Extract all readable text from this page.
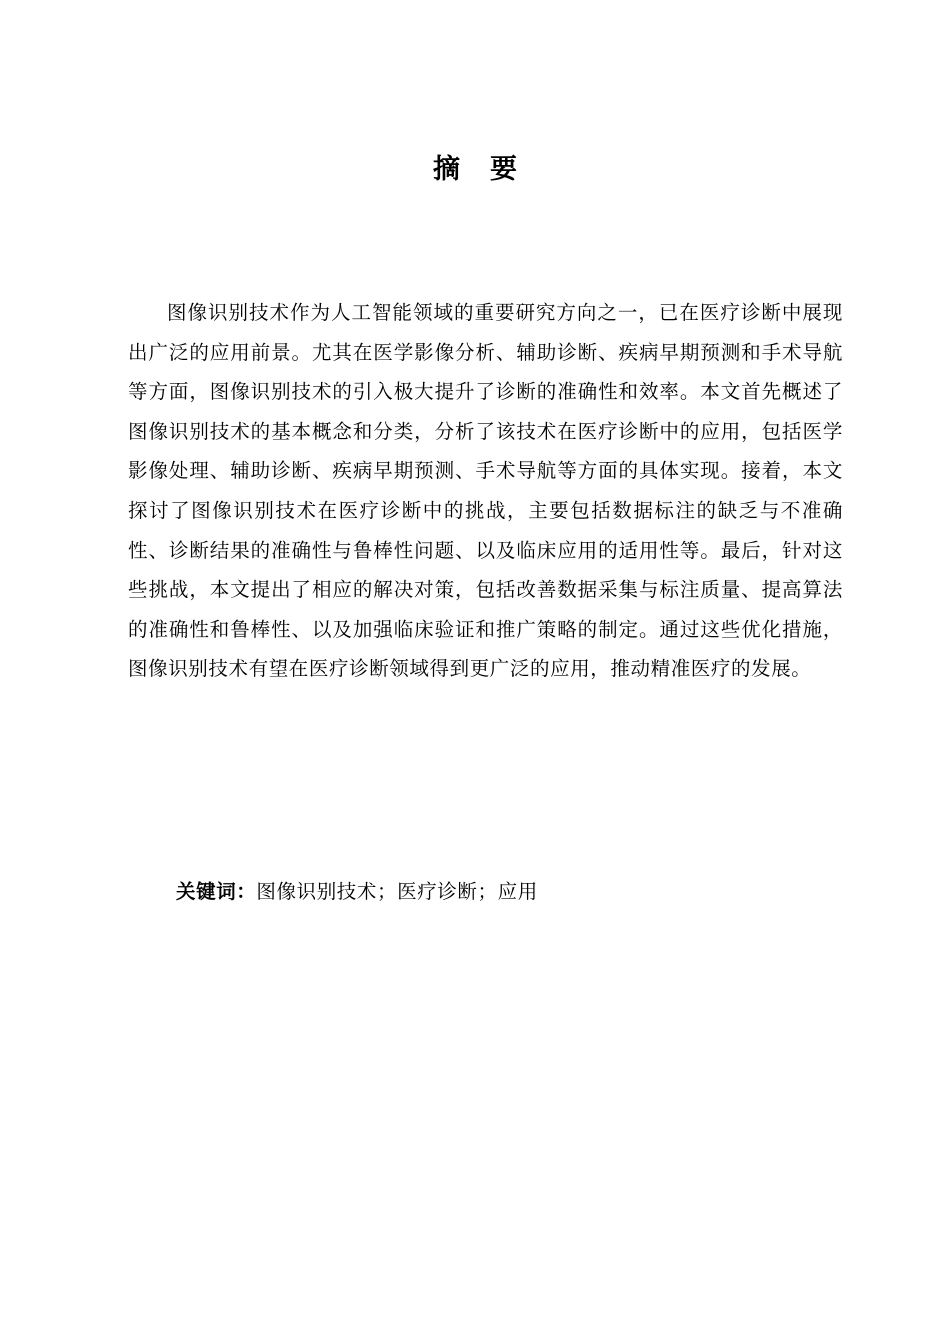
摘 要

图像识别技术作为人工智能领域的重要研究方向之一，已在医疗诊断中展现出广泛的应用前景。尤其在医学影像分析、辅助诊断、疾病早期预测和手术导航等方面，图像识别技术的引入极大提升了诊断的准确性和效率。本文首先概述了图像识别技术的基本概念和分类，分析了该技术在医疗诊断中的应用，包括医学影像处理、辅助诊断、疾病早期预测、手术导航等方面的具体实现。接着，本文探讨了图像识别技术在医疗诊断中的挑战，主要包括数据标注的缺乏与不准确性、诊断结果的准确性与鲁棒性问题、以及临床应用的适用性等。最后，针对这些挑战，本文提出了相应的解决对策，包括改善数据采集与标注质量、提高算法的准确性和鲁棒性、以及加强临床验证和推广策略的制定。通过这些优化措施，图像识别技术有望在医疗诊断领域得到更广泛的应用，推动精准医疗的发展。

关键词：图像识别技术；医疗诊断；应用
